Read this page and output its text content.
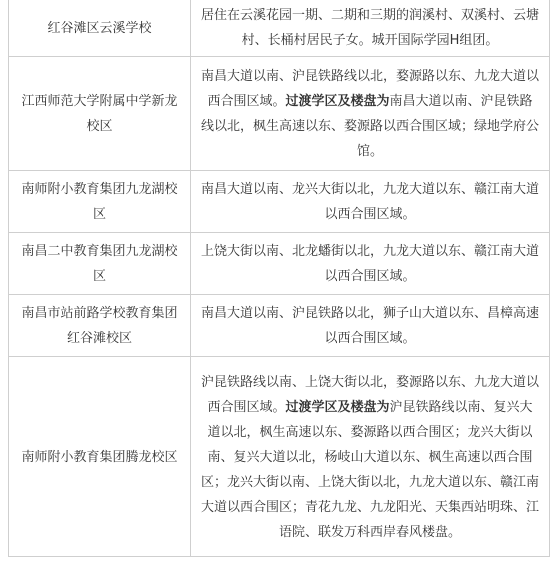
红谷滩区云溪学校	居住在云溪花园一期、二期和三期的润溪村、双溪村、云塘村、长桶村居民子女。城开国际学园H组团。
江西师范大学附属中学新龙校区	南昌大道以南、沪昆铁路线以北，婺源路以东、九龙大道以西合围区域。过渡学区及楼盘为南昌大道以南、沪昆铁路线以北，枫生高速以东、婺源路以西合围区域；绿地学府公馆。
南师附小教育集团九龙湖校区	南昌大道以南、龙兴大街以北，九龙大道以东、赣江南大道以西合围区域。
南昌二中教育集团九龙湖校区	上饶大街以南、北龙蟠街以北，九龙大道以东、赣江南大道以西合围区域。
南昌市站前路学校教育集团红谷滩校区	南昌大道以南、沪昆铁路以北，狮子山大道以东、昌樟高速以西合围区域。
南师附小教育集团腾龙校区	沪昆铁路线以南、上饶大街以北，婺源路以东、九龙大道以西合围区域。过渡学区及楼盘为沪昆铁路线以南、复兴大道以北，枫生高速以东、婺源路以西合围区；龙兴大街以南、复兴大道以北，杨岐山大道以东、枫生高速以西合围区；龙兴大街以南、上饶大街以北，九龙大道以东、赣江南大道以西合围区；青花九龙、九龙阳光、天集西站明珠、江语院、联发万科西岸春风楼盘。
